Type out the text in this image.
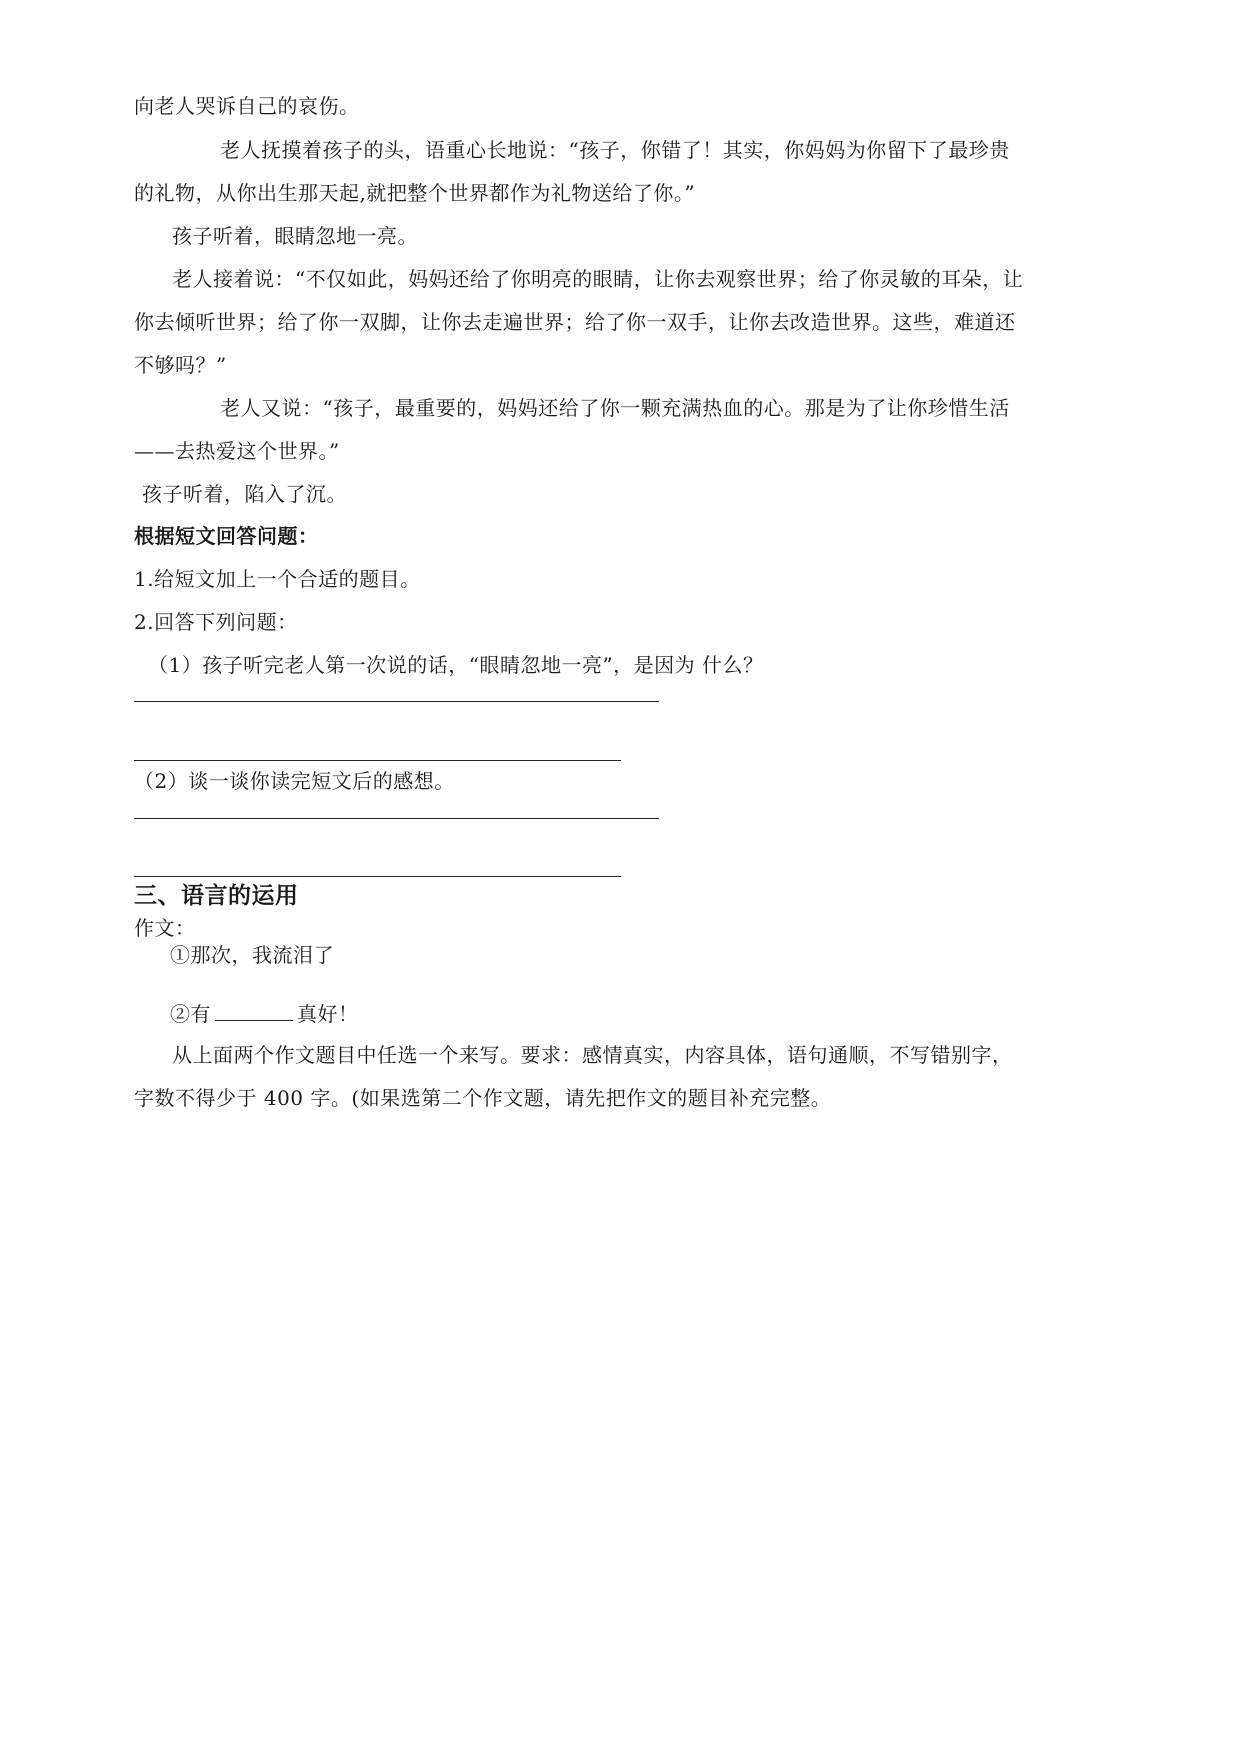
向老人哭诉自己的哀伤。
老人抚摸着孩子的头，语重心长地说：“孩子，你错了！其实，你妈妈为你留下了最珍贵
的礼物，从你出生那天起,就把整个世界都作为礼物送给了你。”
孩子听着，眼睛忽地一亮。
老人接着说：“不仅如此，妈妈还给了你明亮的眼睛，让你去观察世界；给了你灵敏的耳朵，让
你去倾听世界；给了你一双脚，让你去走遍世界；给了你一双手，让你去改造世界。这些，难道还
不够吗？”
老人又说：“孩子，最重要的，妈妈还给了你一颗充满热血的心。那是为了让你珍惜生活
——去热爱这个世界。”
孩子听着，陷入了沉。
根据短文回答问题：
1.给短文加上一个合适的题目。
2.回答下列问题：
（1）孩子听完老人第一次说的话，“眼睛忽地一亮”，是因为 什么？
（2）谈一谈你读完短文后的感想。
三、语言的运用
作文：
①那次，我流泪了
②有	真好！
从上面两个作文题目中任选一个来写。要求：感情真实，内容具体，语句通顺，不写错别字，
字数不得少于 400 字。(如果选第二个作文题，请先把作文的题目补充完整。
